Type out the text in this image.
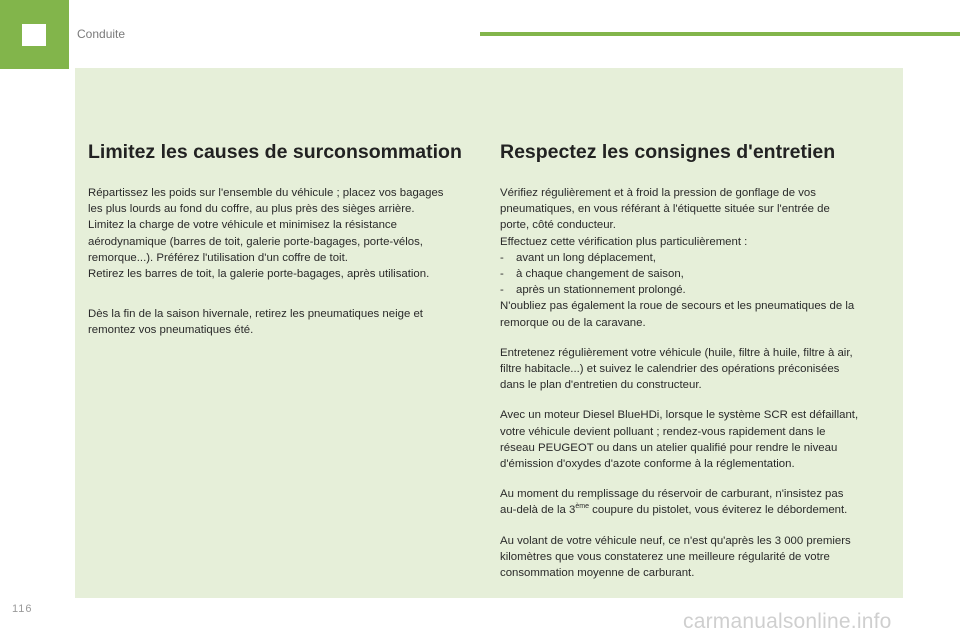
Conduite
Limitez les causes de surconsommation

Répartissez les poids sur l'ensemble du véhicule ; placez vos bagages
les plus lourds au fond du coffre, au plus près des sièges arrière.
Limitez la charge de votre véhicule et minimisez la résistance
aérodynamique (barres de toit, galerie porte-bagages, porte-vélos,
remorque...). Préférez l'utilisation d'un coffre de toit.
Retirez les barres de toit, la galerie porte-bagages, après utilisation.

Dès la fin de la saison hivernale, retirez les pneumatiques neige et
remontez vos pneumatiques été.

Respectez les consignes d'entretien

Vérifiez régulièrement et à froid la pression de gonflage de vos
pneumatiques, en vous référant à l'étiquette située sur l'entrée de
porte, côté conducteur.
Effectuez cette vérification plus particulièrement :
- avant un long déplacement,
- à chaque changement de saison,
- après un stationnement prolongé.
N'oubliez pas également la roue de secours et les pneumatiques de la
remorque ou de la caravane.

Entretenez régulièrement votre véhicule (huile, filtre à huile, filtre à air,
filtre habitacle...) et suivez le calendrier des opérations préconisées
dans le plan d'entretien du constructeur.

Avec un moteur Diesel BlueHDi, lorsque le système SCR est défaillant,
votre véhicule devient polluant ; rendez-vous rapidement dans le
réseau PEUGEOT ou dans un atelier qualifié pour rendre le niveau
d'émission d'oxydes d'azote conforme à la réglementation.

Au moment du remplissage du réservoir de carburant, n'insistez pas
au-delà de la 3ème coupure du pistolet, vous éviterez le débordement.

Au volant de votre véhicule neuf, ce n'est qu'après les 3 000 premiers
kilomètres que vous constaterez une meilleure régularité de votre
consommation moyenne de carburant.

116
carmanualsonline.info
